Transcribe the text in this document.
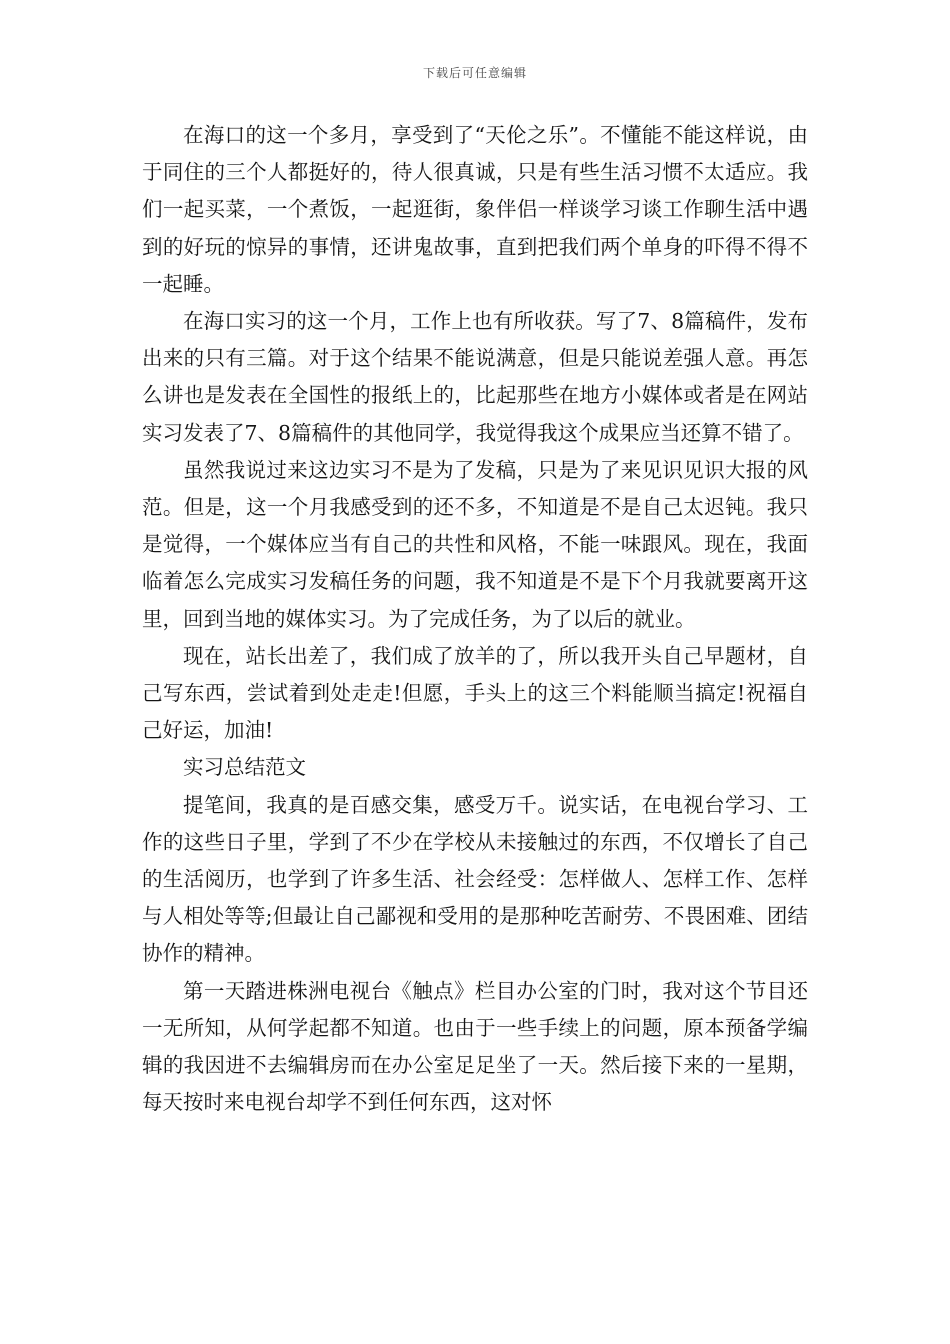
下载后可任意编辑

在海口的这一个多月，享受到了“天伦之乐”。不懂能不能这样说，由于同住的三个人都挺好的，待人很真诚，只是有些生活习惯不太适应。我们一起买菜，一个煮饭，一起逛街，象伴侣一样谈学习谈工作聊生活中遇到的好玩的惊异的事情，还讲鬼故事，直到把我们两个单身的吓得不得不一起睡。

在海口实习的这一个月，工作上也有所收获。写了7、8篇稿件，发布出来的只有三篇。对于这个结果不能说满意，但是只能说差强人意。再怎么讲也是发表在全国性的报纸上的，比起那些在地方小媒体或者是在网站实习发表了7、8篇稿件的其他同学，我觉得我这个成果应当还算不错了。

虽然我说过来这边实习不是为了发稿，只是为了来见识见识大报的风范。但是，这一个月我感受到的还不多，不知道是不是自己太迟钝。我只是觉得，一个媒体应当有自己的共性和风格，不能一味跟风。现在，我面临着怎么完成实习发稿任务的问题，我不知道是不是下个月我就要离开这里，回到当地的媒体实习。为了完成任务，为了以后的就业。

现在，站长出差了，我们成了放羊的了，所以我开头自己早题材，自己写东西，尝试着到处走走!但愿，手头上的这三个料能顺当搞定!祝福自己好运，加油!

实习总结范文

提笔间，我真的是百感交集，感受万千。说实话，在电视台学习、工作的这些日子里，学到了不少在学校从未接触过的东西，不仅增长了自己的生活阅历，也学到了许多生活、社会经受：怎样做人、怎样工作、怎样与人相处等等;但最让自己鄙视和受用的是那种吃苦耐劳、不畏困难、团结协作的精神。

第一天踏进株洲电视台《触点》栏目办公室的门时，我对这个节目还一无所知，从何学起都不知道。也由于一些手续上的问题，原本预备学编辑的我因进不去编辑房而在办公室足足坐了一天。然后接下来的一星期，每天按时来电视台却学不到任何东西，这对怀
